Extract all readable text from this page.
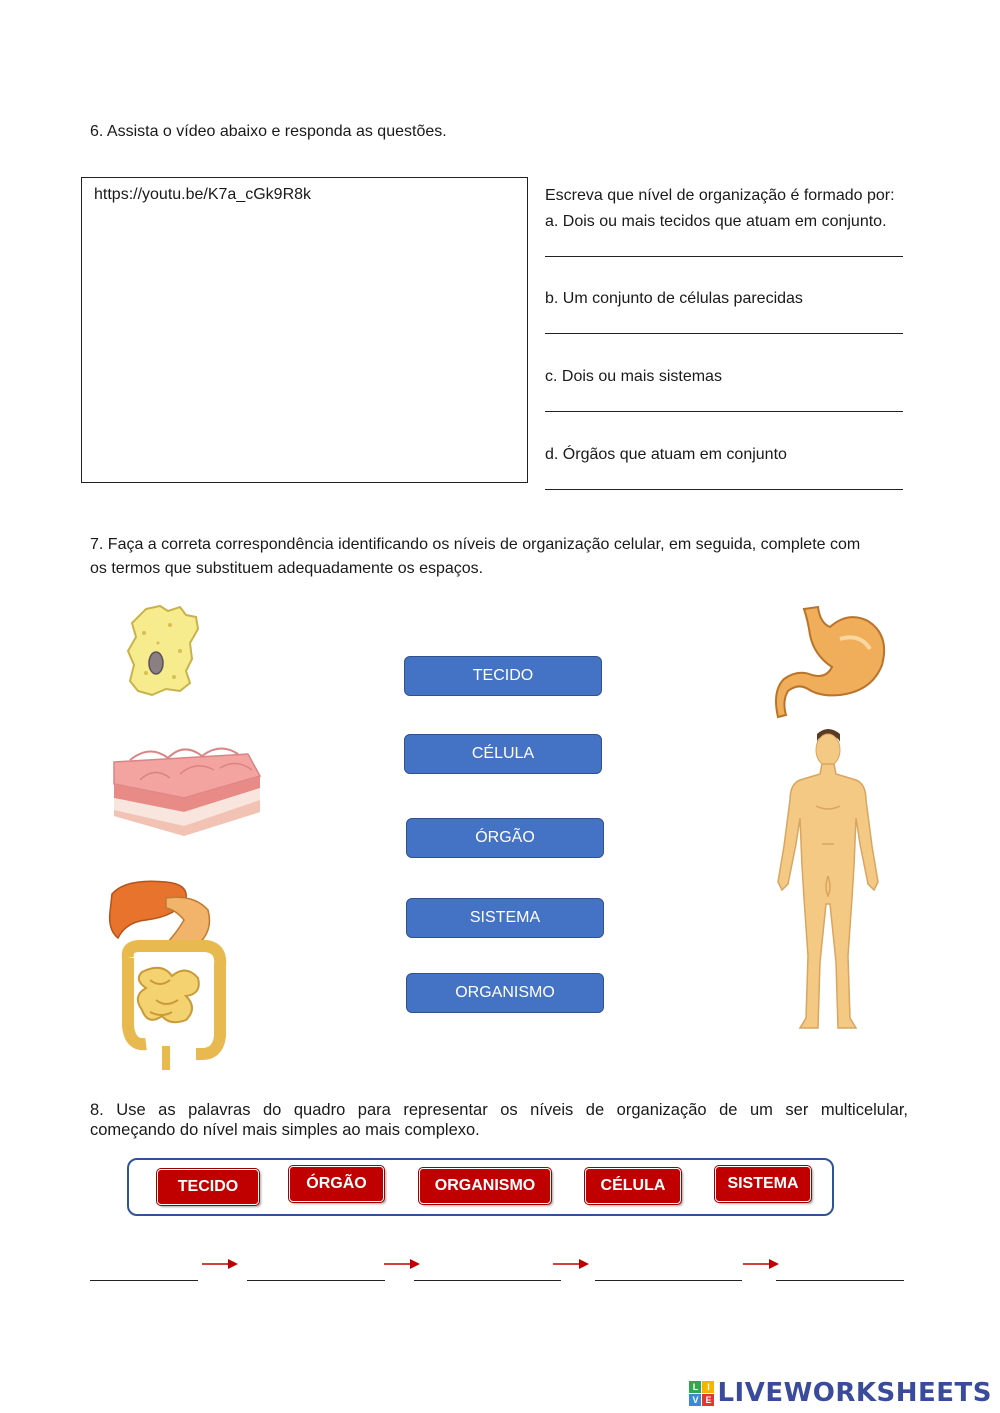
6. Assista o vídeo abaixo e responda as questões.
https://youtu.be/K7a_cGk9R8k	Escreva que nível de organização é formado por:
a. Dois ou mais tecidos que atuam em conjunto.
b. Um conjunto de células parecidas
c. Dois ou mais sistemas
d. Órgãos que atuam em conjunto
7. Faça a correta correspondência identificando os níveis de organização celular, em seguida, complete com
os termos que substituem adequadamente os espaços.
TECIDO
CÉLULA
ÓRGÃO
SISTEMA
ORGANISMO
8. Use as palavras do quadro para representar os níveis de organização de um ser multicelular,
começando do nível mais simples ao mais complexo.
TECIDO	ÓRGÃO	ORGANISMO	CÉLULA	SISTEMA
L I
V E LIVEWORKSHEETS
